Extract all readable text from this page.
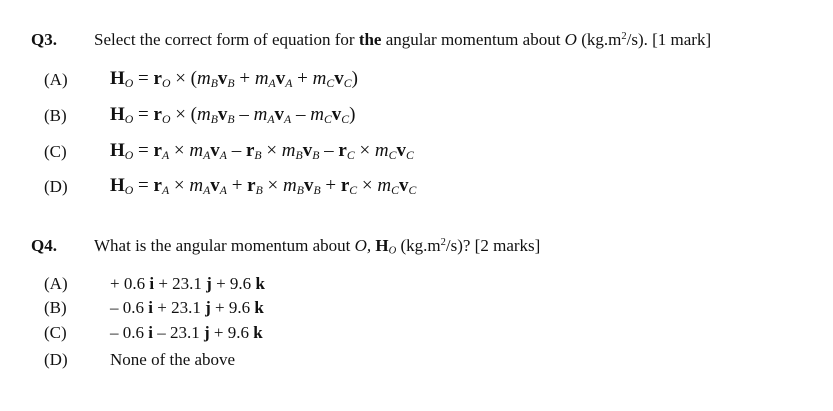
Q3. Select the correct form of equation for the angular momentum about O $(kg.m^2/s)$. [1 mark]
(A) $H_O = r_O \times (m_Bv_B + m_Av_A + m_Cv_C)$
(B) $H_O = r_O \times (m_Bv_B - m_Av_A - m_Cv_C)$
(C) $H_O = r_A \times m_Av_A - r_B \times m_Bv_B - r_C \times m_Cv_C$
(D) $H_O = r_A \times m_Av_A + r_B \times m_Bv_B + r_C \times m_Cv_C$
Q4. What is the angular momentum about O, $H_O$ $(kg.m^2/s)$? [2 marks]
(A) + 0.6 i + 23.1 j + 9.6 k
(B)	– 0.6 i + 23.1 j + 9.6 k
(C)	– 0.6 i – 23.1 j + 9.6 k
(D) None of the above
